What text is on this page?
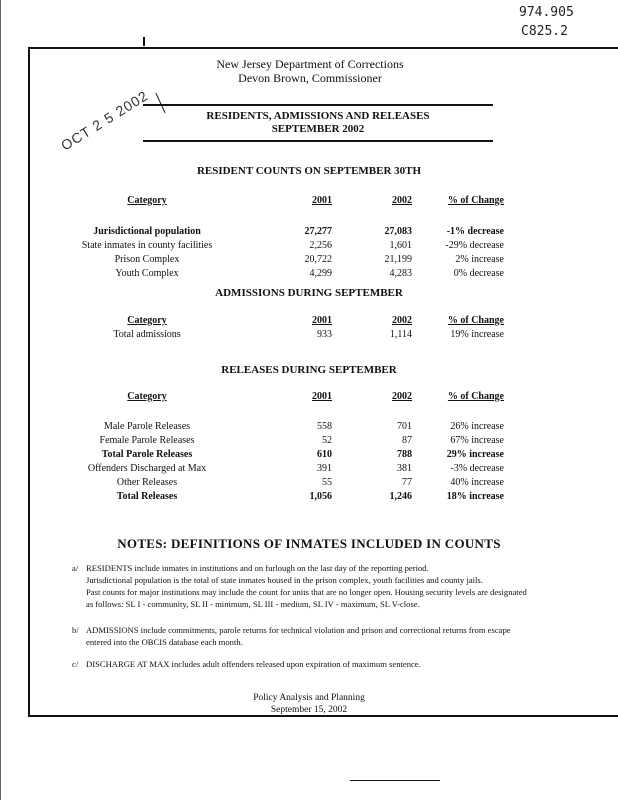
974.905
C825.2
OCT 2 5 2002
New Jersey Department of Corrections
Devon Brown, Commissioner
RESIDENTS, ADMISSIONS AND RELEASES
SEPTEMBER 2002
RESIDENT COUNTS ON SEPTEMBER 30TH
Category	2001	2002	% of Change

Jurisdictional population	27,277	27,083	-1% decrease
State inmates in county facilities	2,256	1,601	-29% decrease
Prison Complex	20,722	21,199	2% increase
Youth Complex	4,299	4,283	0% decrease
ADMISSIONS DURING SEPTEMBER
Category	2001	2002	% of Change
Total admissions	933	1,114	19% increase
RELEASES DURING SEPTEMBER
Category	2001	2002	% of Change

Male Parole Releases	558	701	26% increase
Female Parole Releases	52	87	67% increase
Total Parole Releases	610	788	29% increase
Offenders Discharged at Max	391	381	-3% decrease
Other Releases	55	77	40% increase
Total Releases	1,056	1,246	18% increase
NOTES: DEFINITIONS OF INMATES INCLUDED IN COUNTS
a/ RESIDENTS include inmates in institutions and on furlough on the last day of the reporting period.
Jurisdictional population is the total of state inmates housed in the prison complex, youth facilities and county jails.
Past counts for major institutions may include the count for units that are no longer open. Housing security levels are designated
as follows: SL I - community, SL II - minimum, SL III - medium, SL IV - maximum, SL V-close.
b/ ADMISSIONS include commitments, parole returns for technical violation and prison and correctional returns from escape
entered into the OBCIS database each month.
c/ DISCHARGE AT MAX includes adult offenders released upon expiration of maximum sentence.
Policy Analysis and Planning
September 15, 2002
